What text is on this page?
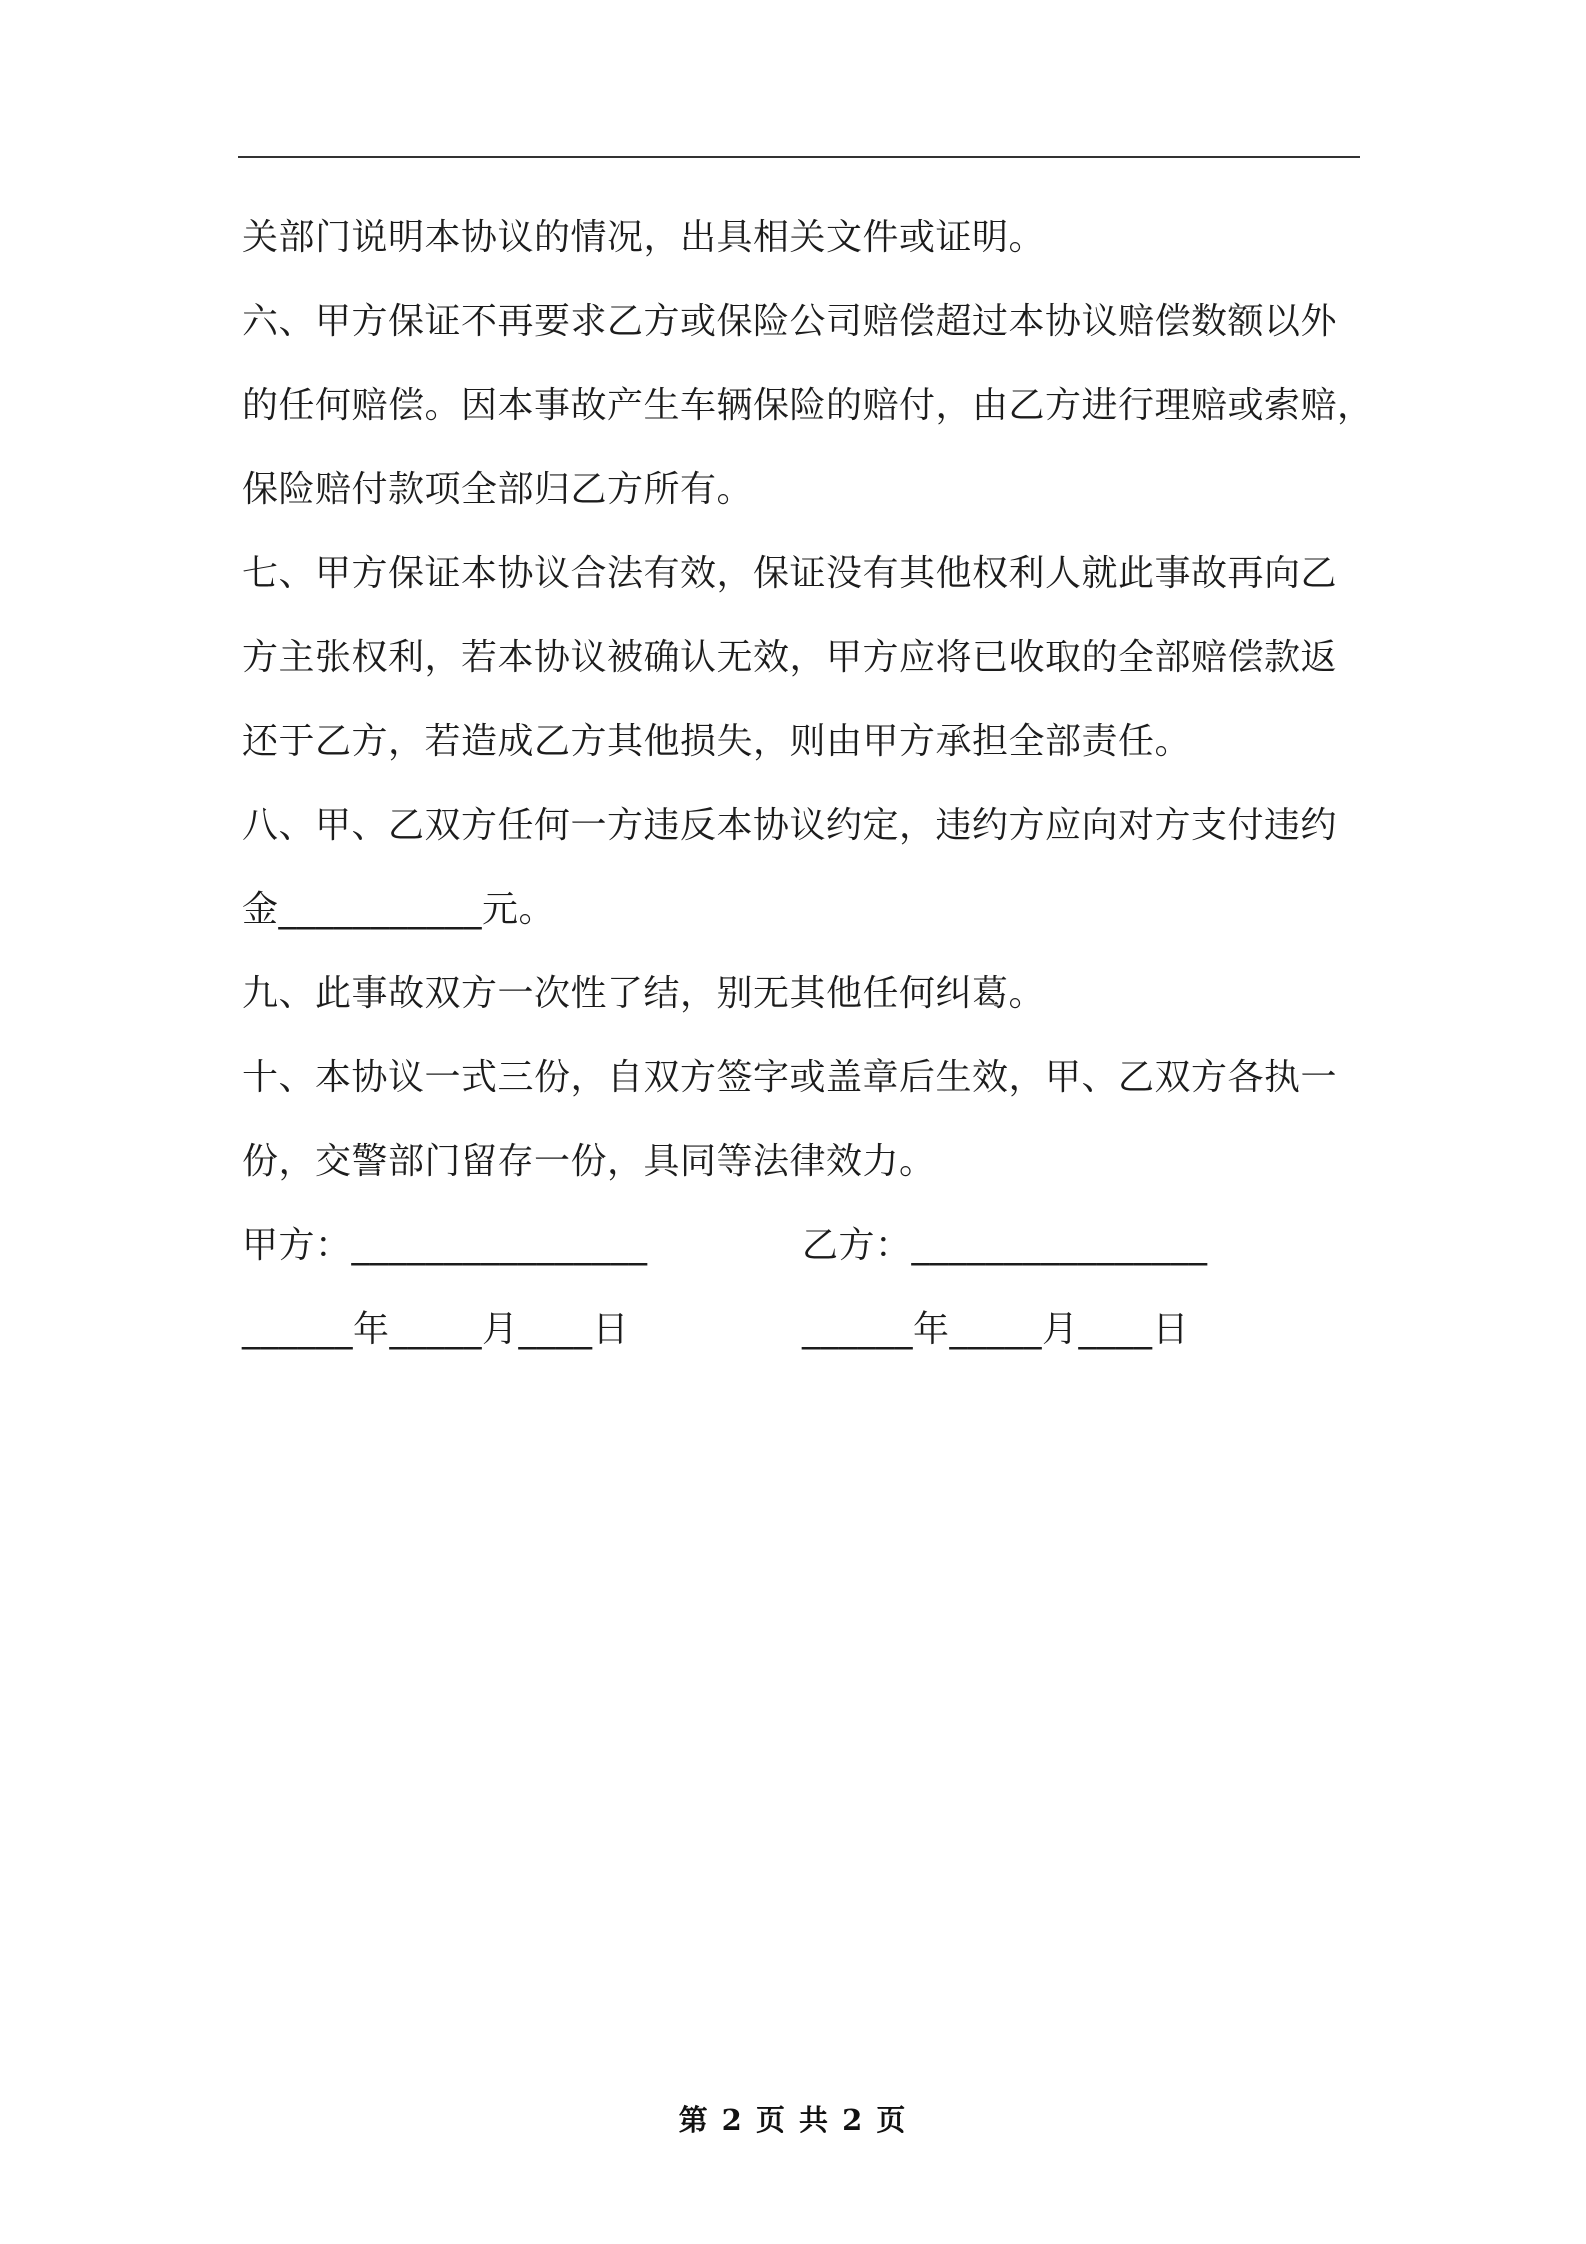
关部门说明本协议的情况，出具相关文件或证明。
六、甲方保证不再要求乙方或保险公司赔偿超过本协议赔偿数额以外
的任何赔偿。因本事故产生车辆保险的赔付，由乙方进行理赔或索赔，
保险赔付款项全部归乙方所有。
七、甲方保证本协议合法有效，保证没有其他权利人就此事故再向乙
方主张权利，若本协议被确认无效，甲方应将已收取的全部赔偿款返
还于乙方，若造成乙方其他损失，则由甲方承担全部责任。
八、甲、乙双方任何一方违反本协议约定，违约方应向对方支付违约
金___________元。
九、此事故双方一次性了结，别无其他任何纠葛。
十、本协议一式三份，自双方签字或盖章后生效，甲、乙双方各执一
份，交警部门留存一份，具同等法律效力。
甲方：________________	乙方：________________
______年_____月____日	______年_____月____日
第 2 页 共 2 页
